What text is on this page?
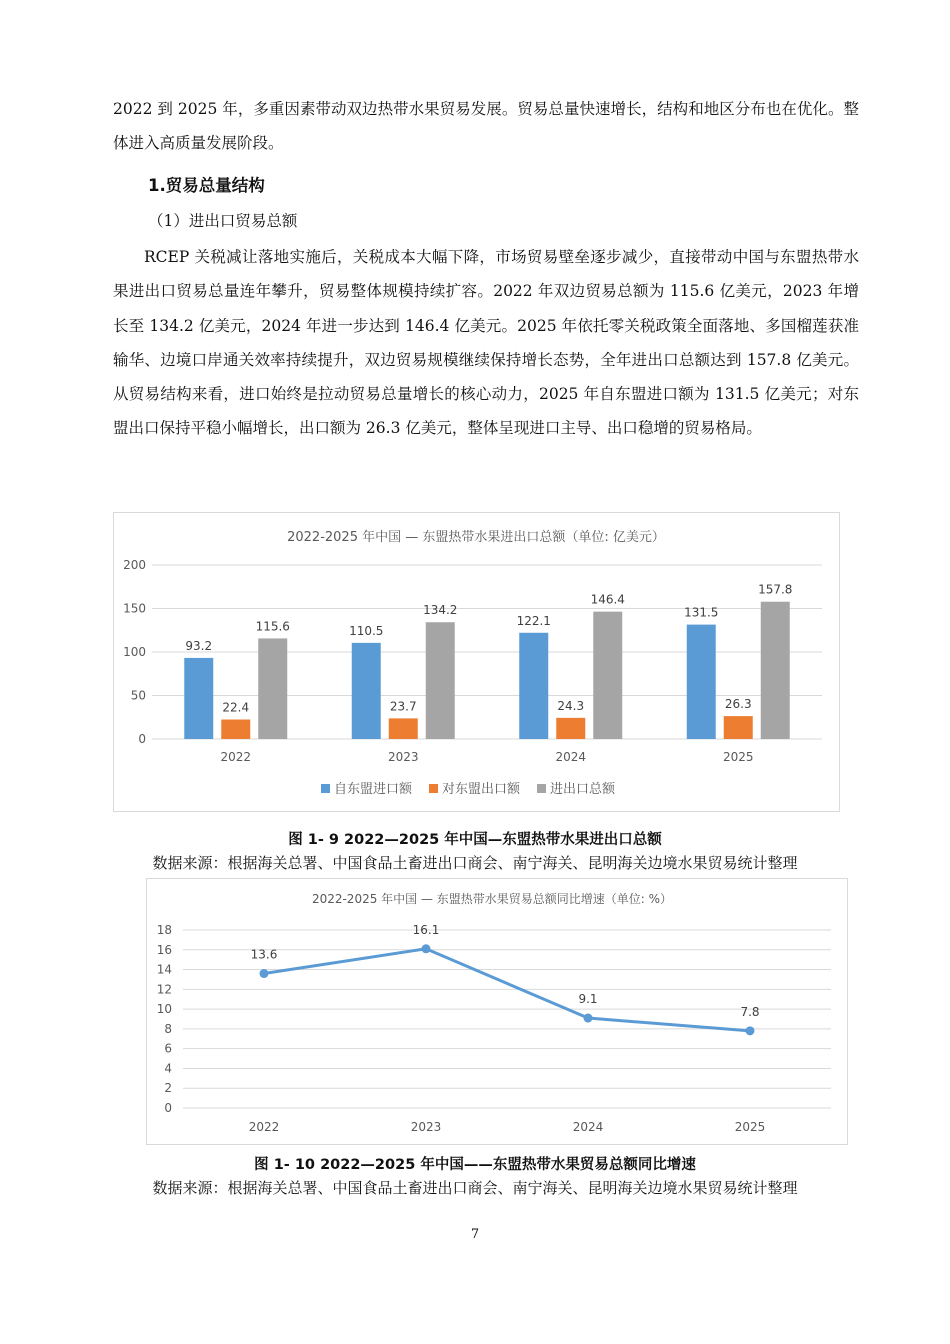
2022 到 2025 年，多重因素带动双边热带水果贸易发展。贸易总量快速增长，结构和地区分布也在优化。整体进入高质量发展阶段。

1.贸易总量结构

（1）进出口贸易总额

RCEP 关税减让落地实施后，关税成本大幅下降，市场贸易壁垒逐步减少，直接带动中国与东盟热带水果进出口贸易总量连年攀升，贸易整体规模持续扩容。2022 年双边贸易总额为 115.6 亿美元，2023 年增长至 134.2 亿美元，2024 年进一步达到 146.4 亿美元。2025 年依托零关税政策全面落地、多国榴莲获准输华、边境口岸通关效率持续提升，双边贸易规模继续保持增长态势，全年进出口总额达到 157.8 亿美元。从贸易结构来看，进口始终是拉动贸易总量增长的核心动力，2025 年自东盟进口额为 131.5 亿美元；对东盟出口保持平稳小幅增长，出口额为 26.3 亿美元，整体呈现进口主导、出口稳增的贸易格局。

2022-2025 年中国 — 东盟热带水果进出口总额（单位: 亿美元）
0
50
100
150
200
2022
93.2
22.4
115.6
2023
110.5
23.7
134.2
2024
122.1
24.3
146.4
2025
131.5
26.3
157.8
自东盟进口额 对东盟出口额 进出口总额

图 1- 9 2022—2025 年中国—东盟热带水果进出口总额

数据来源：根据海关总署、中国食品土畜进出口商会、南宁海关、昆明海关边境水果贸易统计整理

2022-2025 年中国 — 东盟热带水果贸易总额同比增速（单位: %）
0
2
4
6
8
10
12
14
16
18
2022	2023	2024	2025
13.6
16.1
9.1
7.8

图 1- 10 2022—2025 年中国——东盟热带水果贸易总额同比增速

数据来源：根据海关总署、中国食品土畜进出口商会、南宁海关、昆明海关边境水果贸易统计整理

7
